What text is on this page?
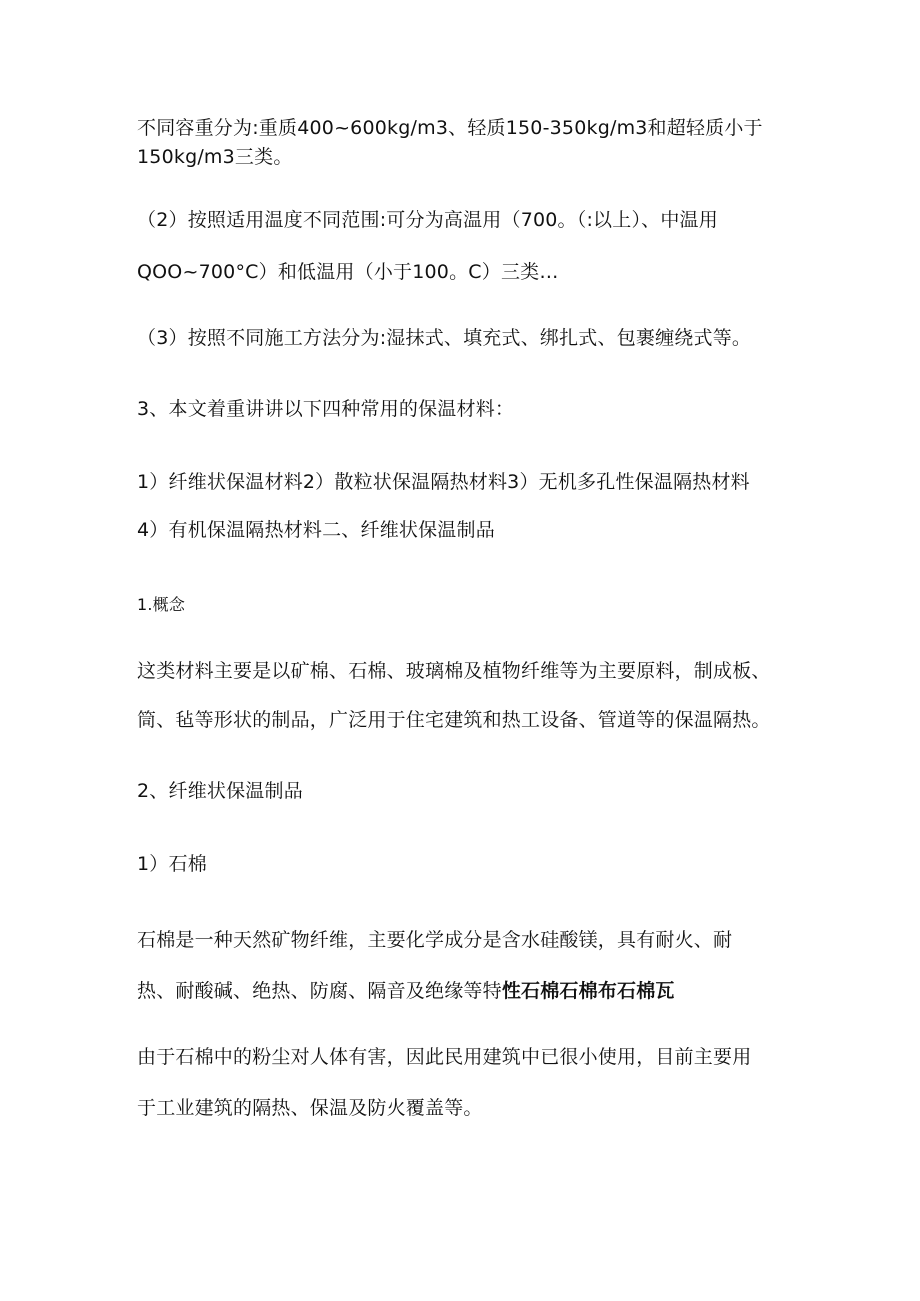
不同容重分为:重质400~600kg∕m3、轻质150-350kg∕m3和超轻质小于

150kg∕m3三类。

（2）按照适用温度不同范围:可分为高温用（700。（:以上）、中温用

QOO~700°C）和低温用（小于100。C）三类…

（3）按照不同施工方法分为:湿抹式、填充式、绑扎式、包裹缠绕式等。

3、本文着重讲讲以下四种常用的保温材料：

1）纤维状保温材料2）散粒状保温隔热材料3）无机多孔性保温隔热材料

4）有机保温隔热材料二、纤维状保温制品

1.概念

这类材料主要是以矿棉、石棉、玻璃棉及植物纤维等为主要原料，制成板、

筒、毡等形状的制品，广泛用于住宅建筑和热工设备、管道等的保温隔热。

2、纤维状保温制品

1）石棉

石棉是一种天然矿物纤维，主要化学成分是含水硅酸镁，具有耐火、耐

热、耐酸碱、绝热、防腐、隔音及绝缘等特性石棉石棉布石棉瓦

由于石棉中的粉尘对人体有害，因此民用建筑中已很小使用，目前主要用

于工业建筑的隔热、保温及防火覆盖等。
